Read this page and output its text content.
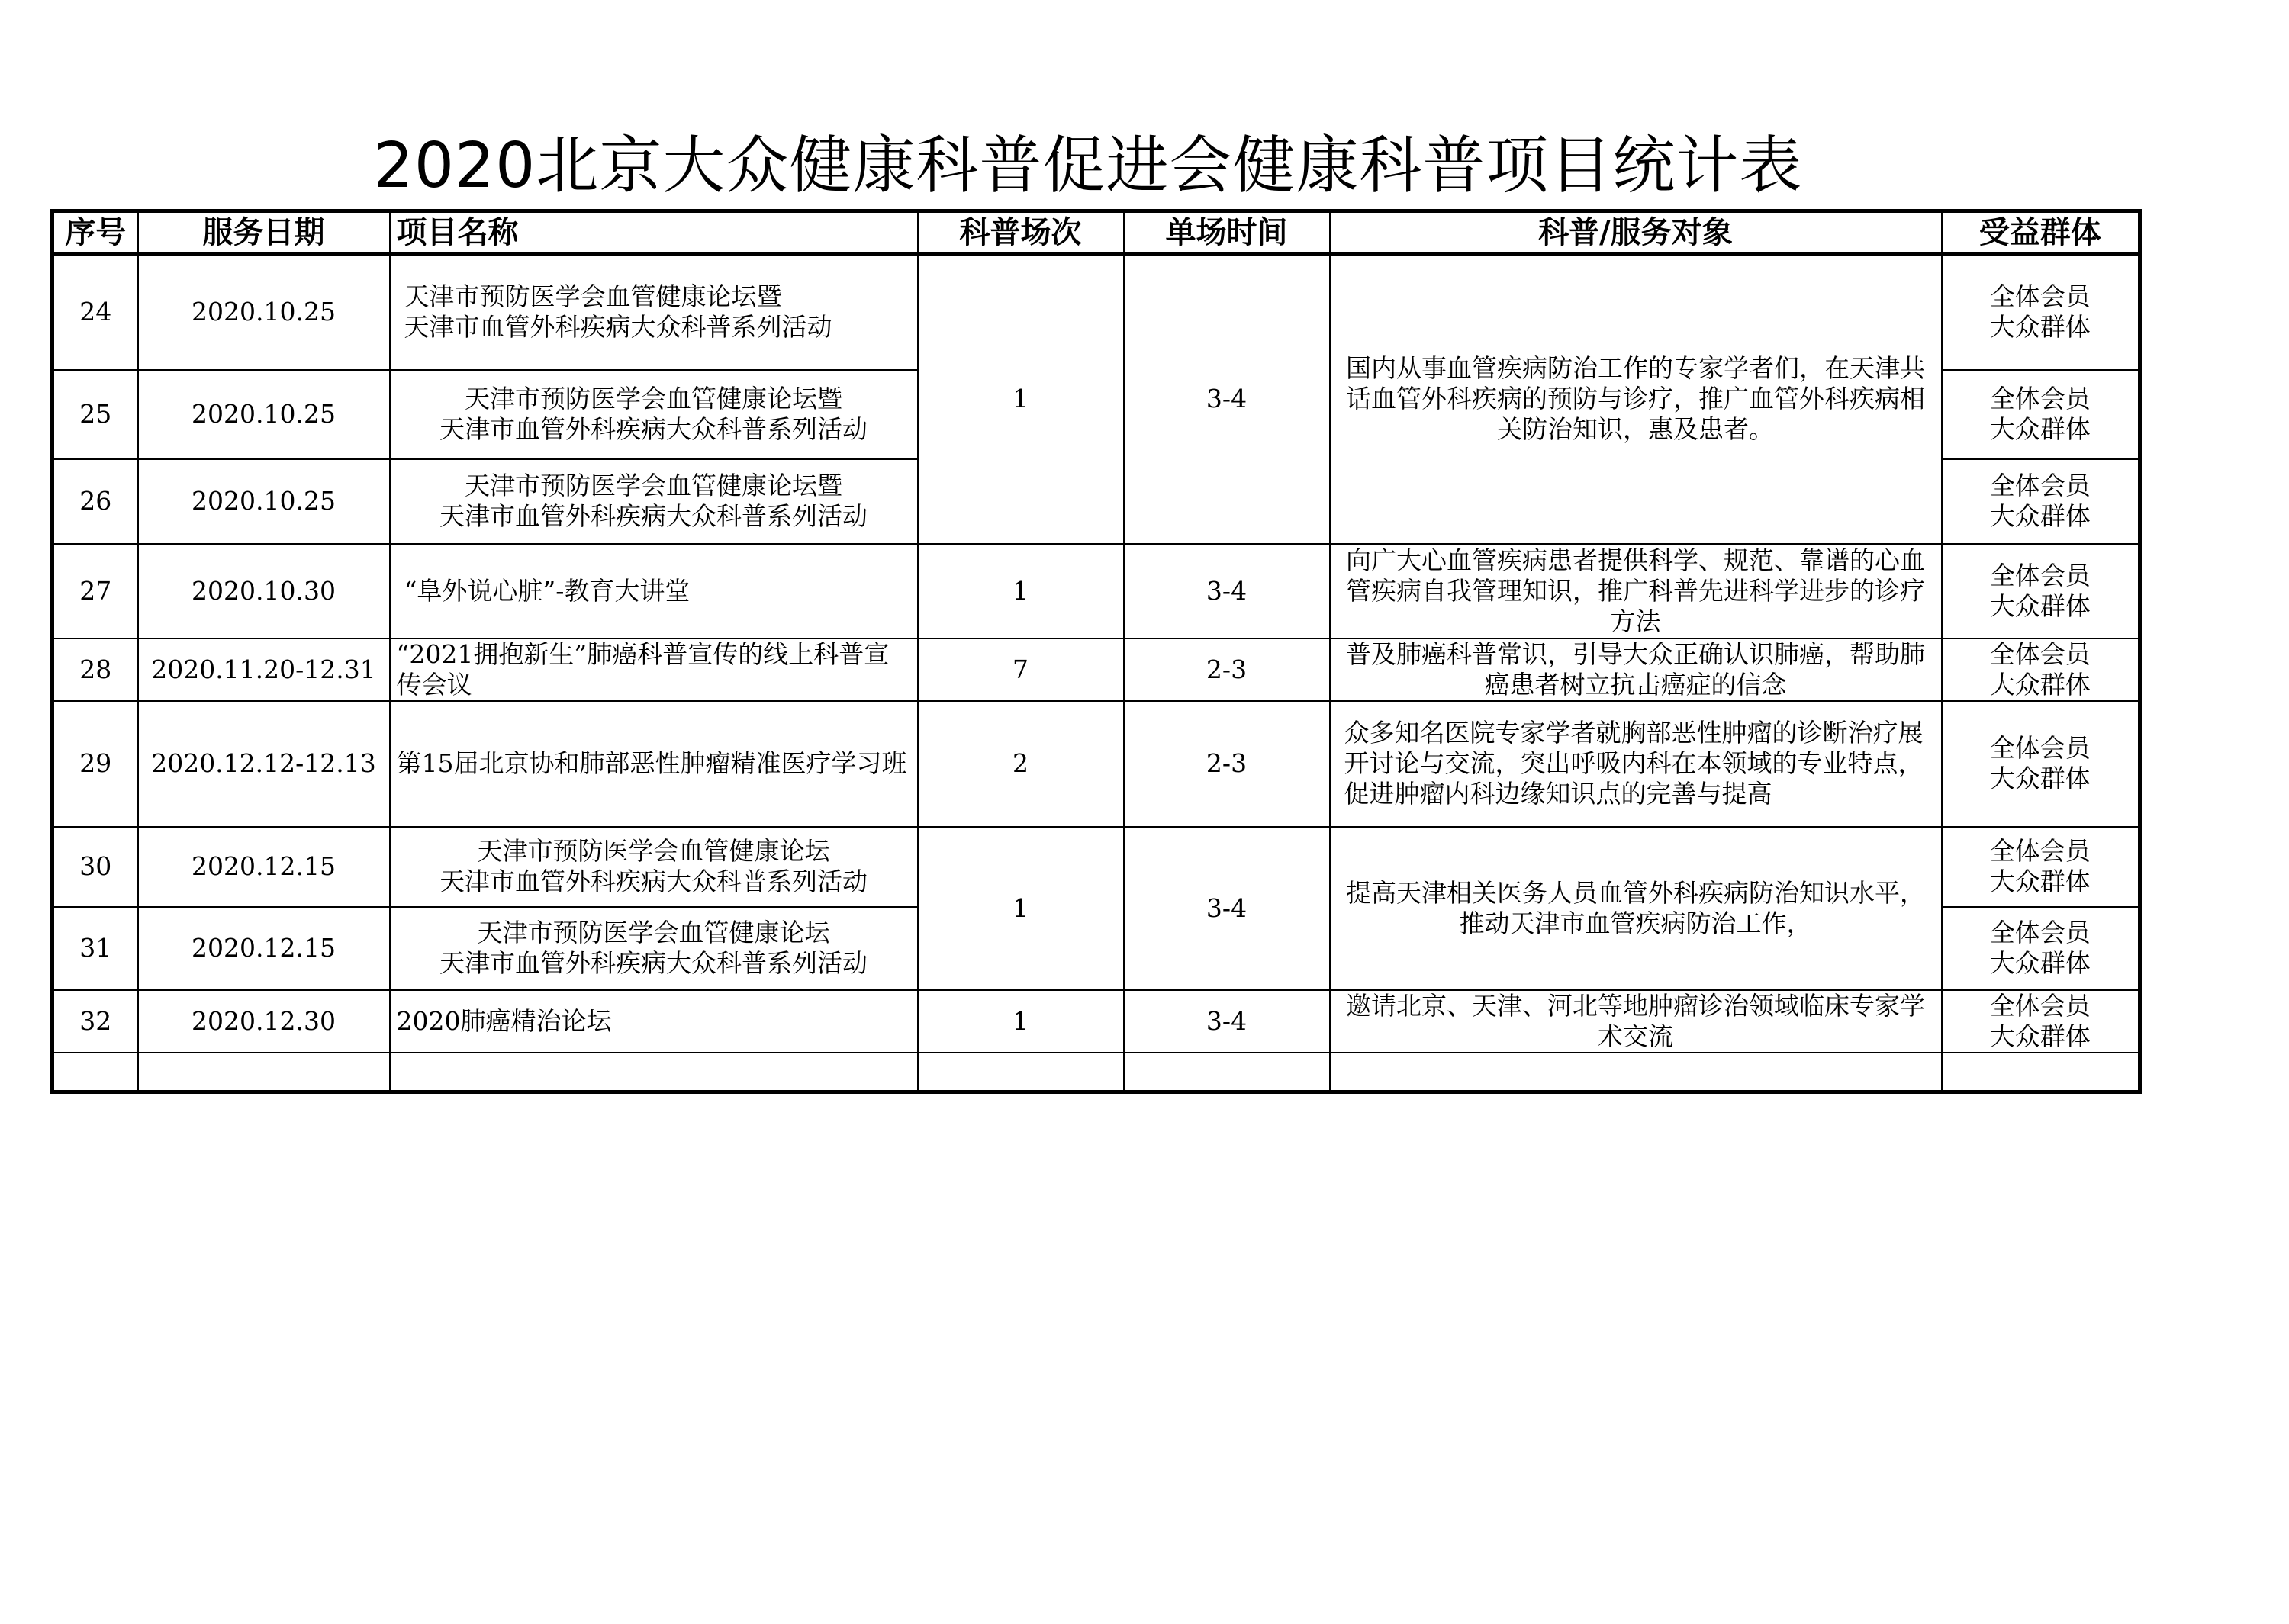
2020北京大众健康科普促进会健康科普项目统计表
序号	服务日期	项目名称	科普场次	单场时间	科普/服务对象	受益群体
24	2020.10.25	天津市预防医学会血管健康论坛暨
天津市血管外科疾病大众科普系列活动	1	3-4	国内从事血管疾病防治工作的专家学者们，在天津共话血管外科疾病的预防与诊疗，推广血管外科疾病相关防治知识，惠及患者。	全体会员
大众群体
25	2020.10.25	天津市预防医学会血管健康论坛暨
天津市血管外科疾病大众科普系列活动				全体会员
大众群体
26	2020.10.25	天津市预防医学会血管健康论坛暨
天津市血管外科疾病大众科普系列活动				全体会员
大众群体
27	2020.10.30	“阜外说心脏”-教育大讲堂	1	3-4	向广大心血管疾病患者提供科学、规范、靠谱的心血管疾病自我管理知识，推广科普先进科学进步的诊疗方法	全体会员
大众群体
28	2020.11.20-12.31	“2021拥抱新生”肺癌科普宣传的线上科普宣传会议	7	2-3	普及肺癌科普常识，引导大众正确认识肺癌，帮助肺癌患者树立抗击癌症的信念	全体会员
大众群体
29	2020.12.12-12.13	第15届北京协和肺部恶性肿瘤精准医疗学习班	2	2-3	众多知名医院专家学者就胸部恶性肿瘤的诊断治疗展开讨论与交流，突出呼吸内科在本领域的专业特点，促进肿瘤内科边缘知识点的完善与提高	全体会员
大众群体
30	2020.12.15	天津市预防医学会血管健康论坛
天津市血管外科疾病大众科普系列活动	1	3-4	提高天津相关医务人员血管外科疾病防治知识水平，推动天津市血管疾病防治工作，	全体会员
大众群体
31	2020.12.15	天津市预防医学会血管健康论坛
天津市血管外科疾病大众科普系列活动				全体会员
大众群体
32	2020.12.30	2020肺癌精治论坛	1	3-4	邀请北京、天津、河北等地肿瘤诊治领域临床专家学术交流	全体会员
大众群体
